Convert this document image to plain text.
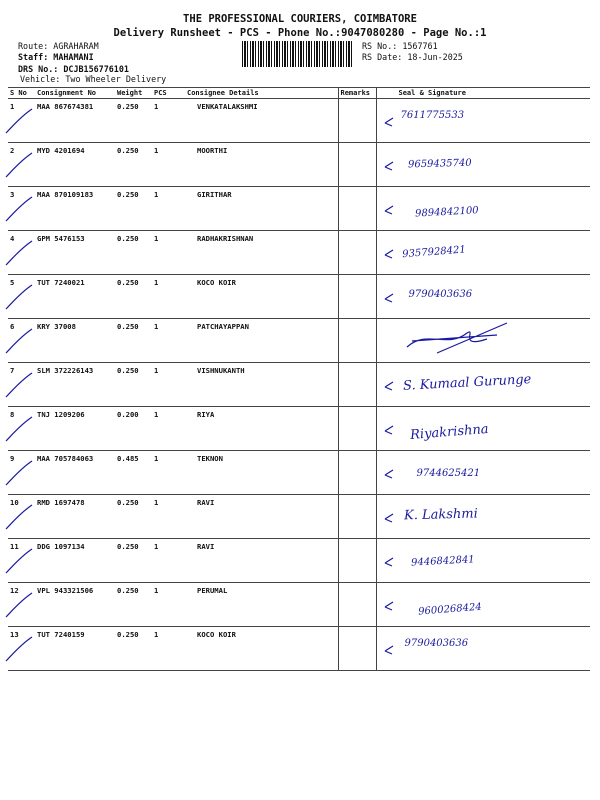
THE PROFESSIONAL COURIERS, COIMBATORE
Delivery Runsheet - PCS - Phone No.:9047080280 - Page No.:1
Route: AGRAHARAM
Staff: MAHAMANI
DRS No.: DCJB156776101
Vehicle: Two Wheeler Delivery
RS No.: 1567761
RS Date: 18-Jun-2025
S No	Consignment No	Weight	PCS	Consignee Details	Remarks	Seal & Signature
1	MAA 867674381	0.250	1	VENKATALAKSHMI		7611775533

2	MYD 4201694	0.250	1	MOORTHI		9659435740

3	MAA 870109183	0.250	1	GIRITHAR		9894842100

4	GPM 5476153	0.250	1	RADHAKRISHNAN		9357928421

5	TUT 7240021	0.250	1	KOCO KOIR		9790403636

6	KRY 37008	0.250	1	PATCHAYAPPAN		

7	SLM 372226143	0.250	1	VISHNUKANTH		S. Kumaal Gurunge

8	TNJ 1209206	0.200	1	RIYA		Riyakrishna

9	MAA 705784063	0.485	1	TEKNON		9744625421

10	RMD 1697478	0.250	1	RAVI		K. Lakshmi

11	DDG 1097134	0.250	1	RAVI		9446842841

12	VPL 943321506	0.250	1	PERUMAL		9600268424

13	TUT 7240159	0.250	1	KOCO KOIR		9790403636
